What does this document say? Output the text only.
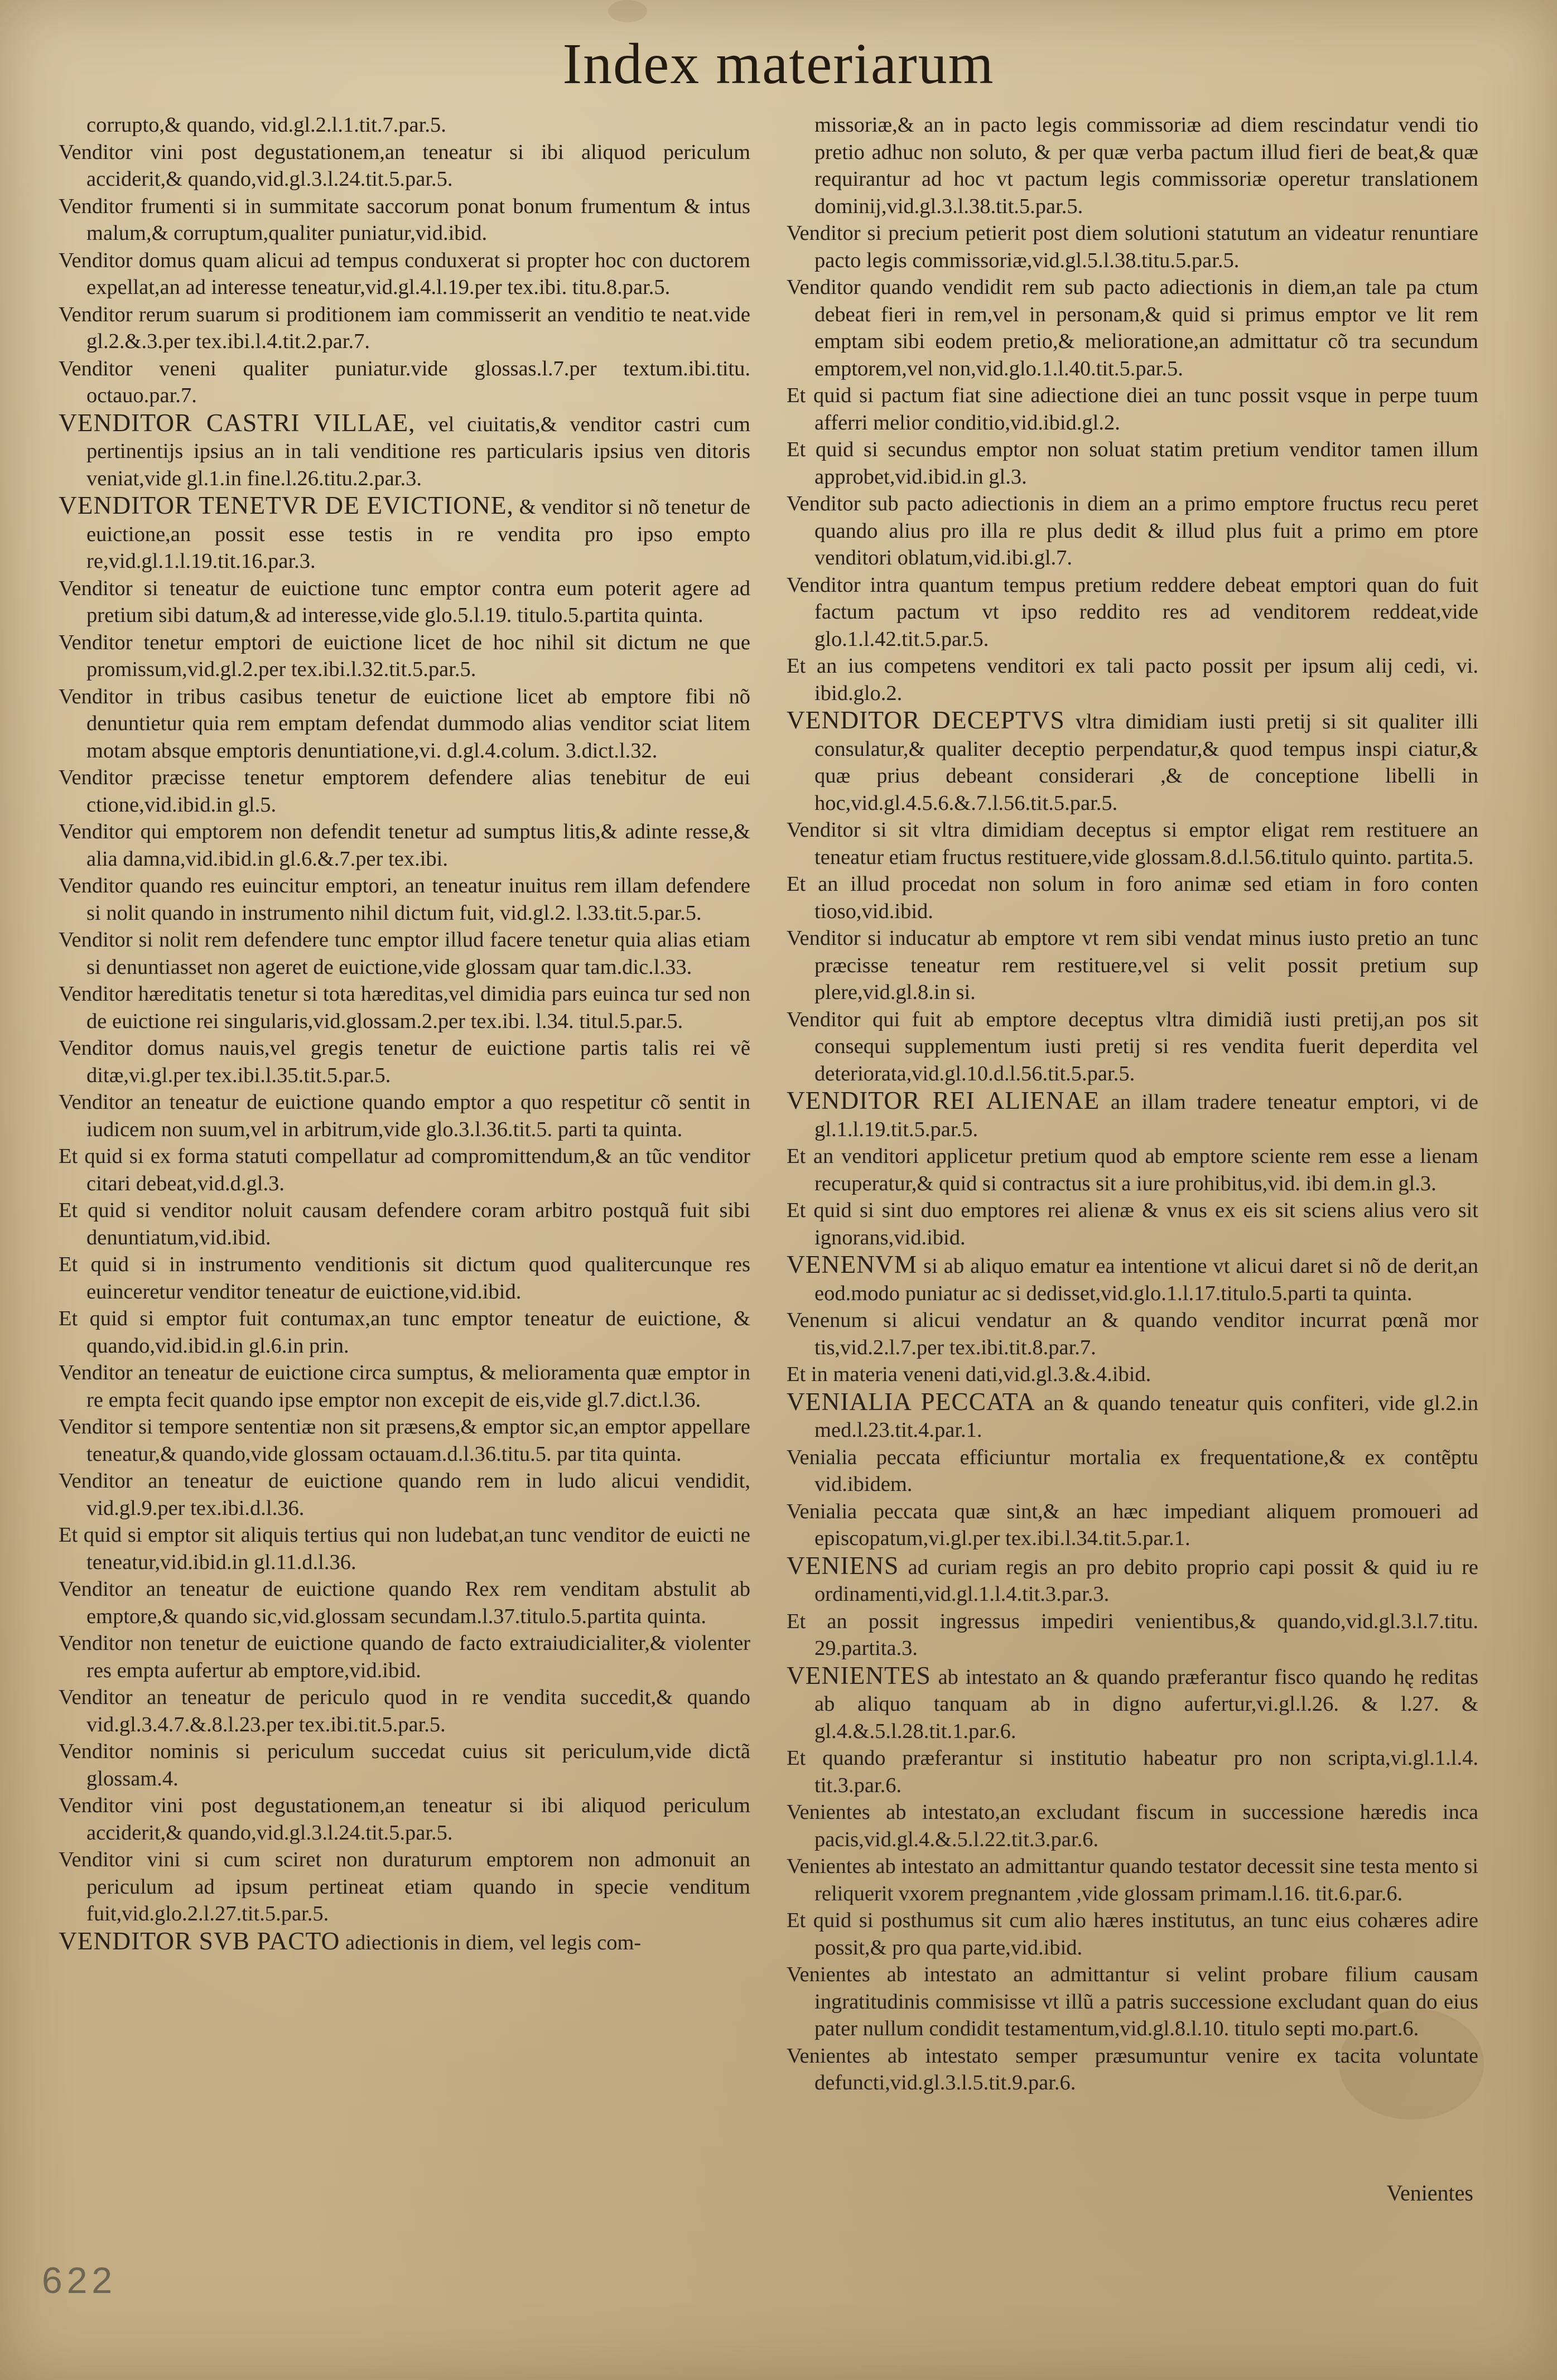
Index materiarum

corrupto,& quando, vid.gl.2.l.1.tit.7.par.5.

Venditor vini post degustationem,an teneatur si ibi aliquod periculum acciderit,& quando,vid.gl.3.l.24.tit.5.par.5.

Venditor frumenti si in summitate saccorum ponat bonum frumentum & intus malum,& corruptum,qualiter puniatur,vid.ibid.

Venditor domus quam alicui ad tempus conduxerat si propter hoc con ductorem expellat,an ad interesse teneatur,vid.gl.4.l.19.per tex.ibi. titu.8.par.5.

Venditor rerum suarum si proditionem iam commisserit an venditio te neat.vide gl.2.&.3.per tex.ibi.l.4.tit.2.par.7.

Venditor veneni qualiter puniatur.vide glossas.l.7.per textum.ibi.titu. octauo.par.7.

VENDITOR CASTRI VILLAE, vel ciuitatis,& venditor castri cum pertinentijs ipsius an in tali venditione res particularis ipsius ven ditoris veniat,vide gl.1.in fine.l.26.titu.2.par.3.

VENDITOR TENETVR DE EVICTIONE, & venditor si nõ tenetur de euictione,an possit esse testis in re vendita pro ipso empto re,vid.gl.1.l.19.tit.16.par.3.

Venditor si teneatur de euictione tunc emptor contra eum poterit agere ad pretium sibi datum,& ad interesse,vide glo.5.l.19. titulo.5.partita quinta.

Venditor tenetur emptori de euictione licet de hoc nihil sit dictum ne que promissum,vid.gl.2.per tex.ibi.l.32.tit.5.par.5.

Venditor in tribus casibus tenetur de euictione licet ab emptore fibi nõ denuntietur quia rem emptam defendat dummodo alias venditor sciat litem motam absque emptoris denuntiatione,vi. d.gl.4.colum. 3.dict.l.32.

Venditor præcisse tenetur emptorem defendere alias tenebitur de eui ctione,vid.ibid.in gl.5.

Venditor qui emptorem non defendit tenetur ad sumptus litis,& adinte resse,& alia damna,vid.ibid.in gl.6.&.7.per tex.ibi.

Venditor quando res euincitur emptori, an teneatur inuitus rem illam defendere si nolit quando in instrumento nihil dictum fuit, vid.gl.2. l.33.tit.5.par.5.

Venditor si nolit rem defendere tunc emptor illud facere tenetur quia alias etiam si denuntiasset non ageret de euictione,vide glossam quar tam.dic.l.33.

Venditor hæreditatis tenetur si tota hæreditas,vel dimidia pars euinca tur sed non de euictione rei singularis,vid.glossam.2.per tex.ibi. l.34. titul.5.par.5.

Venditor domus nauis,vel gregis tenetur de euictione partis talis rei vẽ ditæ,vi.gl.per tex.ibi.l.35.tit.5.par.5.

Venditor an teneatur de euictione quando emptor a quo respetitur cõ sentit in iudicem non suum,vel in arbitrum,vide glo.3.l.36.tit.5. parti ta quinta.

Et quid si ex forma statuti compellatur ad compromittendum,& an tũc venditor citari debeat,vid.d.gl.3.

Et quid si venditor noluit causam defendere coram arbitro postquã fuit sibi denuntiatum,vid.ibid.

Et quid si in instrumento venditionis sit dictum quod qualitercunque res euinceretur venditor teneatur de euictione,vid.ibid.

Et quid si emptor fuit contumax,an tunc emptor teneatur de euictione, & quando,vid.ibid.in gl.6.in prin.

Venditor an teneatur de euictione circa sumptus, & melioramenta quæ emptor in re empta fecit quando ipse emptor non excepit de eis,vide gl.7.dict.l.36.

Venditor si tempore sententiæ non sit præsens,& emptor sic,an emptor appellare teneatur,& quando,vide glossam octauam.d.l.36.titu.5. par tita quinta.

Venditor an teneatur de euictione quando rem in ludo alicui vendidit, vid.gl.9.per tex.ibi.d.l.36.

Et quid si emptor sit aliquis tertius qui non ludebat,an tunc venditor de euicti ne teneatur,vid.ibid.in gl.11.d.l.36.

Venditor an teneatur de euictione quando Rex rem venditam abstulit ab emptore,& quando sic,vid.glossam secundam.l.37.titulo.5.partita quinta.

Venditor non tenetur de euictione quando de facto extraiudicialiter,& violenter res empta aufertur ab emptore,vid.ibid.

Venditor an teneatur de periculo quod in re vendita succedit,& quando vid.gl.3.4.7.&.8.l.23.per tex.ibi.tit.5.par.5.

Venditor nominis si periculum succedat cuius sit periculum,vide dictã glossam.4.

Venditor vini post degustationem,an teneatur si ibi aliquod periculum acciderit,& quando,vid.gl.3.l.24.tit.5.par.5.

Venditor vini si cum sciret non duraturum emptorem non admonuit an periculum ad ipsum pertineat etiam quando in specie venditum fuit,vid.glo.2.l.27.tit.5.par.5.

VENDITOR SVB PACTO adiectionis in diem, vel legis com-

missoriæ,& an in pacto legis commissoriæ ad diem rescindatur vendi tio pretio adhuc non soluto, & per quæ verba pactum illud fieri de beat,& quæ requirantur ad hoc vt pactum legis commissoriæ operetur translationem dominij,vid.gl.3.l.38.tit.5.par.5.

Venditor si precium petierit post diem solutioni statutum an videatur renuntiare pacto legis commissoriæ,vid.gl.5.l.38.titu.5.par.5.

Venditor quando vendidit rem sub pacto adiectionis in diem,an tale pa ctum debeat fieri in rem,vel in personam,& quid si primus emptor ve lit rem emptam sibi eodem pretio,& melioratione,an admittatur cõ tra secundum emptorem,vel non,vid.glo.1.l.40.tit.5.par.5.

Et quid si pactum fiat sine adiectione diei an tunc possit vsque in perpe tuum afferri melior conditio,vid.ibid.gl.2.

Et quid si secundus emptor non soluat statim pretium venditor tamen illum approbet,vid.ibid.in gl.3.

Venditor sub pacto adiectionis in diem an a primo emptore fructus recu peret quando alius pro illa re plus dedit & illud plus fuit a primo em ptore venditori oblatum,vid.ibi.gl.7.

Venditor intra quantum tempus pretium reddere debeat emptori quan do fuit factum pactum vt ipso reddito res ad venditorem reddeat,vide glo.1.l.42.tit.5.par.5.

Et an ius competens venditori ex tali pacto possit per ipsum alij cedi, vi. ibid.glo.2.

VENDITOR DECEPTVS vltra dimidiam iusti pretij si sit qualiter illi consulatur,& qualiter deceptio perpendatur,& quod tempus inspi ciatur,& quæ prius debeant considerari ,& de conceptione libelli in hoc,vid.gl.4.5.6.&.7.l.56.tit.5.par.5.

Venditor si sit vltra dimidiam deceptus si emptor eligat rem restituere an teneatur etiam fructus restituere,vide glossam.8.d.l.56.titulo quinto. partita.5.

Et an illud procedat non solum in foro animæ sed etiam in foro conten tioso,vid.ibid.

Venditor si inducatur ab emptore vt rem sibi vendat minus iusto pretio an tunc præcisse teneatur rem restituere,vel si velit possit pretium sup plere,vid.gl.8.in si.

Venditor qui fuit ab emptore deceptus vltra dimidiã iusti pretij,an pos sit consequi supplementum iusti pretij si res vendita fuerit deperdita vel deteriorata,vid.gl.10.d.l.56.tit.5.par.5.

VENDITOR REI ALIENAE an illam tradere teneatur emptori, vi de gl.1.l.19.tit.5.par.5.

Et an venditori applicetur pretium quod ab emptore sciente rem esse a lienam recuperatur,& quid si contractus sit a iure prohibitus,vid. ibi dem.in gl.3.

Et quid si sint duo emptores rei alienæ & vnus ex eis sit sciens alius vero sit ignorans,vid.ibid.

VENENVM si ab aliquo ematur ea intentione vt alicui daret si nõ de derit,an eod.modo puniatur ac si dedisset,vid.glo.1.l.17.titulo.5.parti ta quinta.

Venenum si alicui vendatur an & quando venditor incurrat pœnã mor tis,vid.2.l.7.per tex.ibi.tit.8.par.7.

Et in materia veneni dati,vid.gl.3.&.4.ibid.

VENIALIA PECCATA an & quando teneatur quis confiteri, vide gl.2.in med.l.23.tit.4.par.1.

Venialia peccata efficiuntur mortalia ex frequentatione,& ex contẽptu vid.ibidem.

Venialia peccata quæ sint,& an hæc impediant aliquem promoueri ad episcopatum,vi.gl.per tex.ibi.l.34.tit.5.par.1.

VENIENS ad curiam regis an pro debito proprio capi possit & quid iu re ordinamenti,vid.gl.1.l.4.tit.3.par.3.

Et an possit ingressus impediri venientibus,& quando,vid.gl.3.l.7.titu. 29.partita.3.

VENIENTES ab intestato an & quando præferantur fisco quando hę reditas ab aliquo tanquam ab in digno aufertur,vi.gl.l.26. & l.27. & gl.4.&.5.l.28.tit.1.par.6.

Et quando præferantur si institutio habeatur pro non scripta,vi.gl.1.l.4. tit.3.par.6.

Venientes ab intestato,an excludant fiscum in successione hæredis inca pacis,vid.gl.4.&.5.l.22.tit.3.par.6.

Venientes ab intestato an admittantur quando testator decessit sine testa mento si reliquerit vxorem pregnantem ,vide glossam primam.l.16. tit.6.par.6.

Et quid si posthumus sit cum alio hæres institutus, an tunc eius cohæres adire possit,& pro qua parte,vid.ibid.

Venientes ab intestato an admittantur si velint probare filium causam ingratitudinis commisisse vt illũ a patris successione excludant quan do eius pater nullum condidit testamentum,vid.gl.8.l.10. titulo septi mo.part.6.

Venientes ab intestato semper præsumuntur venire ex tacita voluntate defuncti,vid.gl.3.l.5.tit.9.par.6.

Venientes
622
